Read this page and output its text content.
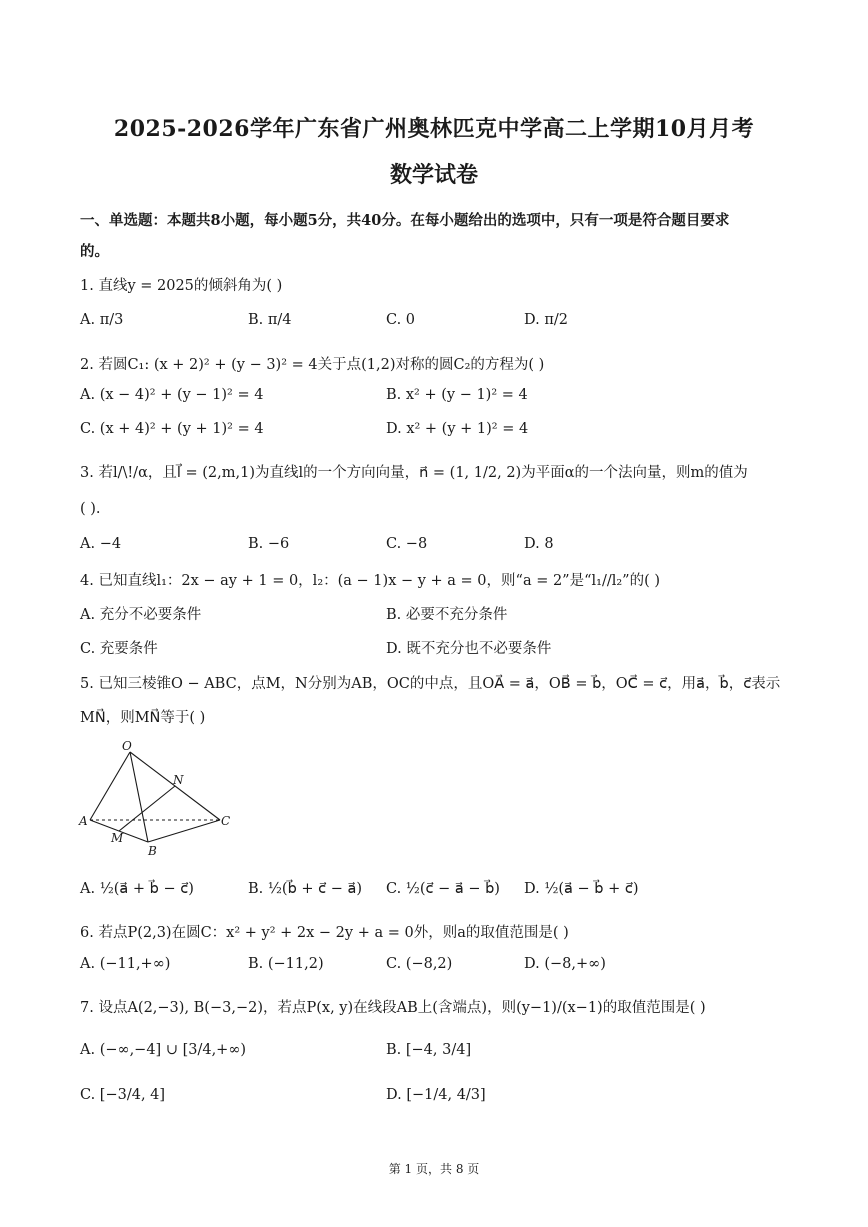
2025-2026学年广东省广州奥林匹克中学高二上学期10月月考
数学试卷
一、单选题：本题共8小题，每小题5分，共40分。在每小题给出的选项中，只有一项是符合题目要求
的。
1. 直线y = 2025的倾斜角为( )
A. π/3	B. π/4	C. 0	D. π/2
2. 若圆C₁: (x + 2)² + (y − 3)² = 4关于点(1,2)对称的圆C₂的方程为( )
A. (x − 4)² + (y − 1)² = 4	B. x² + (y − 1)² = 4
C. (x + 4)² + (y + 1)² = 4	D. x² + (y + 1)² = 4
3. 若l/\!/α，且l⃗ = (2,m,1)为直线l的一个方向向量，n⃗ = (1, 1/2, 2)为平面α的一个法向量，则m的值为
( ).
A. −4	B. −6	C. −8	D. 8
4. 已知直线l₁：2x − ay + 1 = 0，l₂：(a − 1)x − y + a = 0，则“a = 2”是“l₁//l₂”的( )
A. 充分不必要条件	B. 必要不充分条件
C. 充要条件	D. 既不充分也不必要条件
5. 已知三棱锥O − ABC，点M，N分别为AB，OC的中点，且OA⃗ = a⃗，OB⃗ = b⃗，OC⃗ = c⃗，用a⃗，b⃗，c⃗表示
MN⃗，则MN⃗等于( )
O
N
A	C
M
B
A. ½(a⃗ + b⃗ − c⃗)	B. ½(b⃗ + c⃗ − a⃗) C. ½(c⃗ − a⃗ − b⃗) D. ½(a⃗ − b⃗ + c⃗)
6. 若点P(2,3)在圆C：x² + y² + 2x − 2y + a = 0外，则a的取值范围是( )
A. (−11,+∞)	B. (−11,2)	C. (−8,2)	D. (−8,+∞)
7. 设点A(2,−3), B(−3,−2)，若点P(x, y)在线段AB上(含端点)，则(y−1)/(x−1)的取值范围是( )
A. (−∞,−4] ∪ [3/4,+∞)	B. [−4, 3/4]
C. [−3/4, 4]	D. [−1/4, 4/3]
第 1 页，共 8 页
